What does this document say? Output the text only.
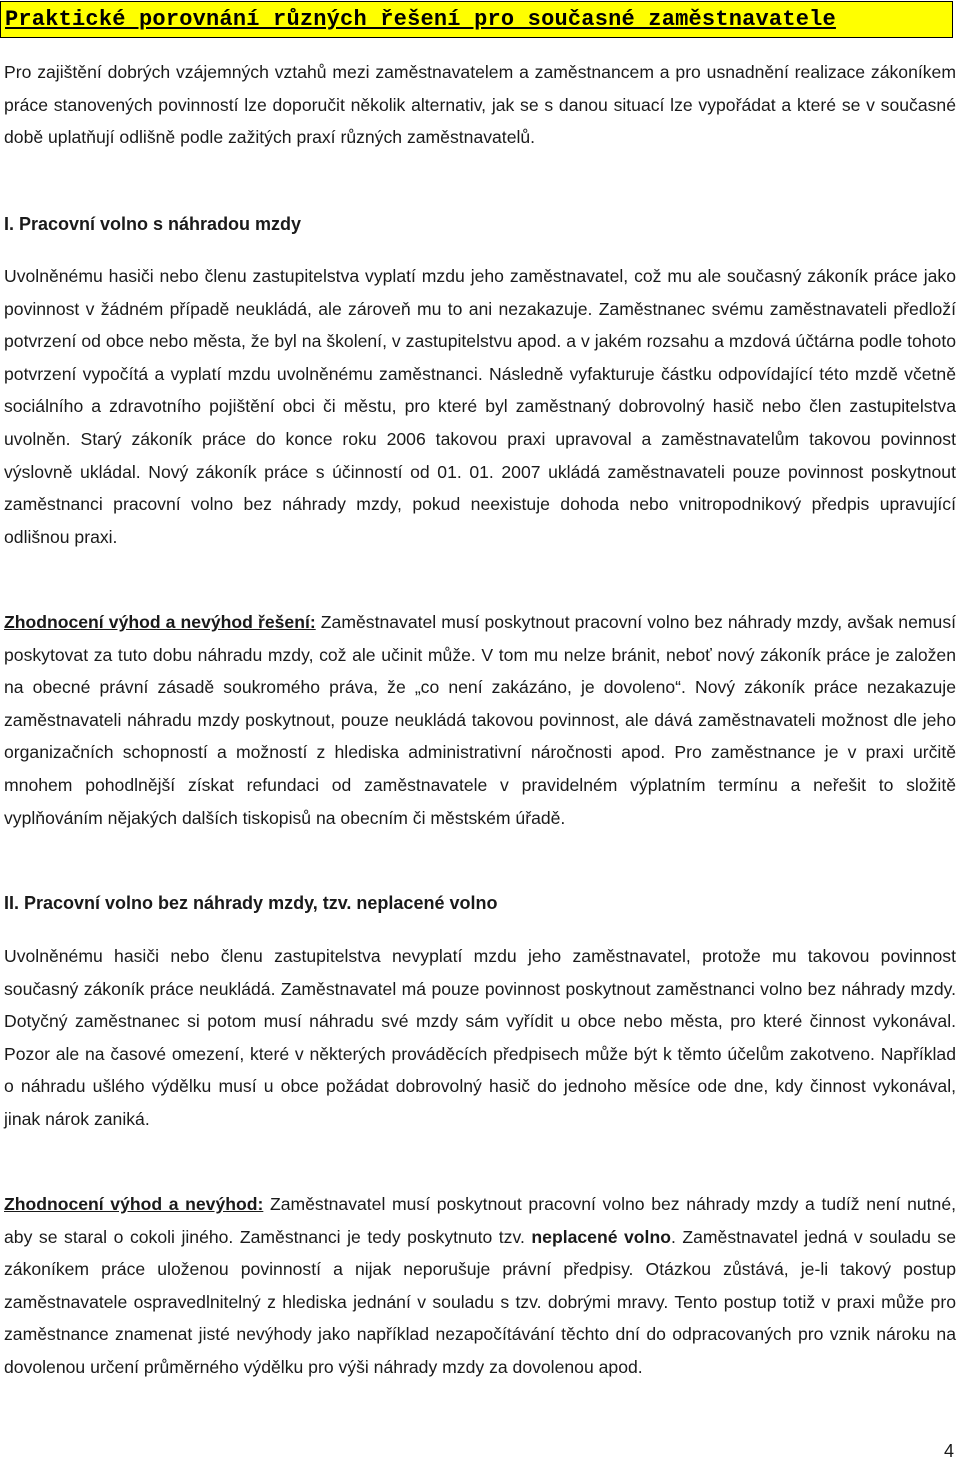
Praktické porovnání různých řešení pro současné zaměstnavatele

Pro zajištění dobrých vzájemných vztahů mezi zaměstnavatelem a zaměstnancem a pro usnadnění realizace zákoníkem práce stanovených povinností lze doporučit několik alternativ, jak se s danou situací lze vypořádat a které se v současné době uplatňují odlišně podle zažitých praxí různých zaměstnavatelů.

I. Pracovní volno s náhradou mzdy

Uvolněnému hasiči nebo členu zastupitelstva vyplatí mzdu jeho zaměstnavatel, což mu ale současný zákoník práce jako povinnost v žádném případě neukládá, ale zároveň mu to ani nezakazuje. Zaměstnanec svému zaměstnavateli předloží potvrzení od obce nebo města, že byl na školení, v zastupitelstvu apod. a v jakém rozsahu a mzdová účtárna podle tohoto potvrzení vypočítá a vyplatí mzdu uvolněnému zaměstnanci. Následně vyfakturuje částku odpovídající této mzdě včetně sociálního a zdravotního pojištění obci či městu, pro které byl zaměstnaný dobrovolný hasič nebo člen zastupitelstva uvolněn. Starý zákoník práce do konce roku 2006 takovou praxi upravoval a zaměstnavatelům takovou povinnost výslovně ukládal. Nový zákoník práce s účinností od 01. 01. 2007 ukládá zaměstnavateli pouze povinnost poskytnout zaměstnanci pracovní volno bez náhrady mzdy, pokud neexistuje dohoda nebo vnitropodnikový předpis upravující odlišnou praxi.

Zhodnocení výhod a nevýhod řešení: Zaměstnavatel musí poskytnout pracovní volno bez náhrady mzdy, avšak nemusí poskytovat za tuto dobu náhradu mzdy, což ale učinit může. V tom mu nelze bránit, neboť nový zákoník práce je založen na obecné právní zásadě soukromého práva, že „co není zakázáno, je dovoleno“. Nový zákoník práce nezakazuje zaměstnavateli náhradu mzdy poskytnout, pouze neukládá takovou povinnost, ale dává zaměstnavateli možnost dle jeho organizačních schopností a možností z hlediska administrativní náročnosti apod. Pro zaměstnance je v praxi určitě mnohem pohodlnější získat refundaci od zaměstnavatele v pravidelném výplatním termínu a neřešit to složitě vyplňováním nějakých dalších tiskopisů na obecním či městském úřadě.

II. Pracovní volno bez náhrady mzdy, tzv. neplacené volno

Uvolněnému hasiči nebo členu zastupitelstva nevyplatí mzdu jeho zaměstnavatel, protože mu takovou povinnost současný zákoník práce neukládá. Zaměstnavatel má pouze povinnost poskytnout zaměstnanci volno bez náhrady mzdy. Dotyčný zaměstnanec si potom musí náhradu své mzdy sám vyřídit u obce nebo města, pro které činnost vykonával. Pozor ale na časové omezení, které v některých prováděcích předpisech může být k těmto účelům zakotveno. Například o náhradu ušlého výdělku musí u obce požádat dobrovolný hasič do jednoho měsíce ode dne, kdy činnost vykonával, jinak nárok zaniká.

Zhodnocení výhod a nevýhod: Zaměstnavatel musí poskytnout pracovní volno bez náhrady mzdy a tudíž není nutné, aby se staral o cokoli jiného. Zaměstnanci je tedy poskytnuto tzv. neplacené volno. Zaměstnavatel jedná v souladu se zákoníkem práce uloženou povinností a nijak neporušuje právní předpisy. Otázkou zůstává, je-li takový postup zaměstnavatele ospravedlnitelný z hlediska jednání v souladu s tzv. dobrými mravy. Tento postup totiž v praxi může pro zaměstnance znamenat jisté nevýhody jako například nezapočítávání těchto dní do odpracovaných pro vznik nároku na dovolenou určení průměrného výdělku pro výši náhrady mzdy za dovolenou apod.

4
